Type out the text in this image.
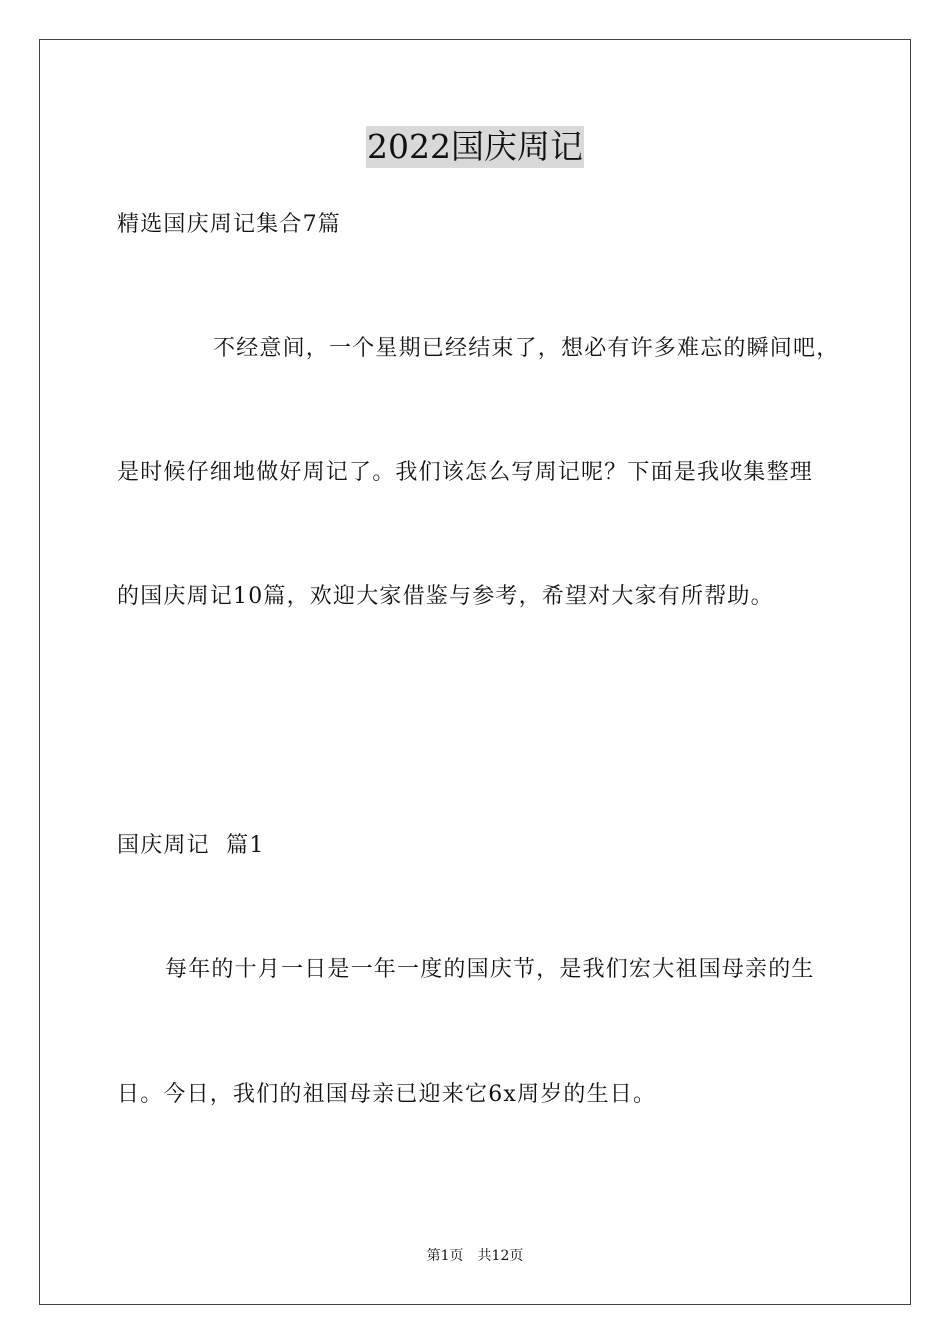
2022国庆周记
精选国庆周记集合7篇
不经意间，一个星期已经结束了，想必有许多难忘的瞬间吧，
是时候仔细地做好周记了。我们该怎么写周记呢？下面是我收集整理
的国庆周记10篇，欢迎大家借鉴与参考，希望对大家有所帮助。
国庆周记  篇1
每年的十月一日是一年一度的国庆节，是我们宏大祖国母亲的生
日。今日，我们的祖国母亲已迎来它6x周岁的生日。
第1页 共12页
